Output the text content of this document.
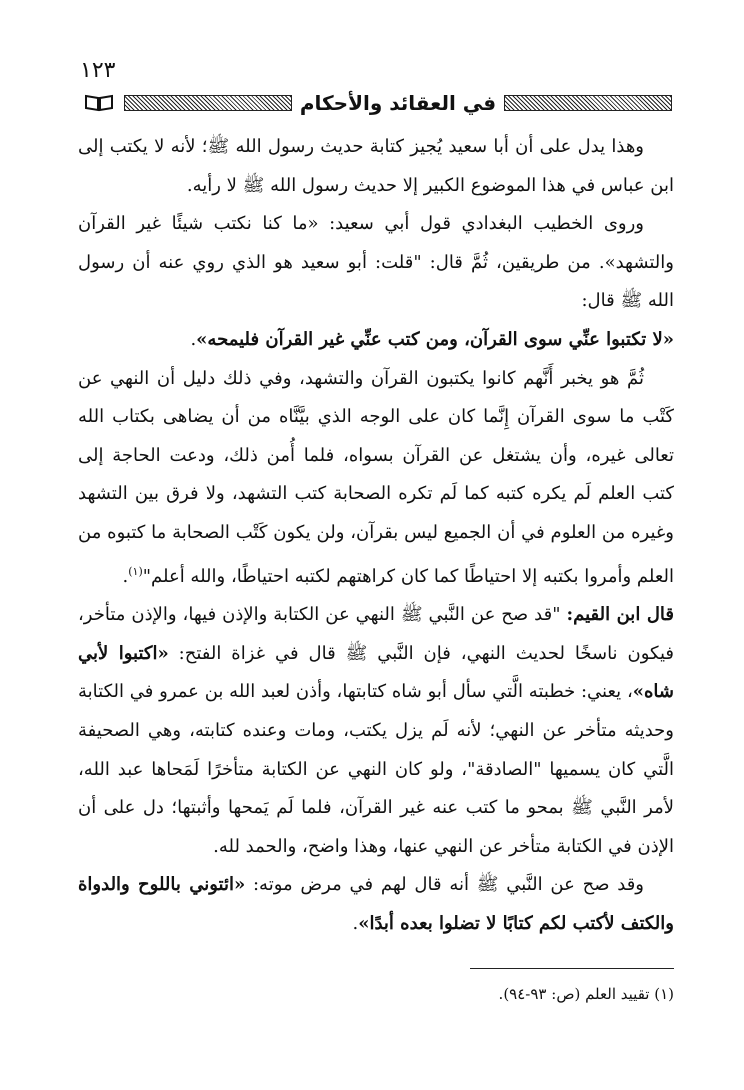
١٢٣
في العقائد والأحكام

وهذا يدل على أن أبا سعيد يُجيز كتابة حديث رسول الله ﷺ؛ لأنه لا يكتب إلى ابن عباس في هذا الموضوع الكبير إلا حديث رسول الله ﷺ لا رأيه.

وروى الخطيب البغدادي قول أبي سعيد: «ما كنا نكتب شيئًا غير القرآن والتشهد». من طريقين، ثُمَّ قال: "قلت: أبو سعيد هو الذي روي عنه أن رسول الله ﷺ قال:

«لا تكتبوا عنِّي سوى القرآن، ومن كتب عنِّي غير القرآن فليمحه».

ثُمَّ هو يخبر أَنَّهم كانوا يكتبون القرآن والتشهد، وفي ذلك دليل أن النهي عن كَتْب ما سوى القرآن إِنَّما كان على الوجه الذي بيَّنَّاه من أن يضاهى بكتاب الله تعالى غيره، وأن يشتغل عن القرآن بسواه، فلما أُمن ذلك، ودعت الحاجة إلى كتب العلم لَم يكره كتبه كما لَم تكره الصحابة كتب التشهد، ولا فرق بين التشهد وغيره من العلوم في أن الجميع ليس بقرآن، ولن يكون كَتْب الصحابة ما كتبوه من العلم وأمروا بكتبه إلا احتياطًا كما كان كراهتهم لكتبه احتياطًا، والله أعلم"$^{(١)}$.

قال ابن القيم: "قد صح عن النَّبي ﷺ النهي عن الكتابة والإذن فيها، والإذن متأخر، فيكون ناسخًا لحديث النهي، فإن النَّبي ﷺ قال في غزاة الفتح: «اكتبوا لأبي شاه»، يعني: خطبته الَّتي سأل أبو شاه كتابتها، وأذن لعبد الله بن عمرو في الكتابة وحديثه متأخر عن النهي؛ لأنه لَم يزل يكتب، ومات وعنده كتابته، وهي الصحيفة الَّتي كان يسميها "الصادقة"، ولو كان النهي عن الكتابة متأخرًا لَمَحاها عبد الله، لأمر النَّبي ﷺ بمحو ما كتب عنه غير القرآن، فلما لَم يَمحها وأثبتها؛ دل على أن الإذن في الكتابة متأخر عن النهي عنها، وهذا واضح، والحمد لله.

وقد صح عن النَّبي ﷺ أنه قال لهم في مرض موته: «ائتوني باللوح والدواة والكتف لأكتب لكم كتابًا لا تضلوا بعده أبدًا».

(١) تقييد العلم (ص: ٩٣-٩٤).
